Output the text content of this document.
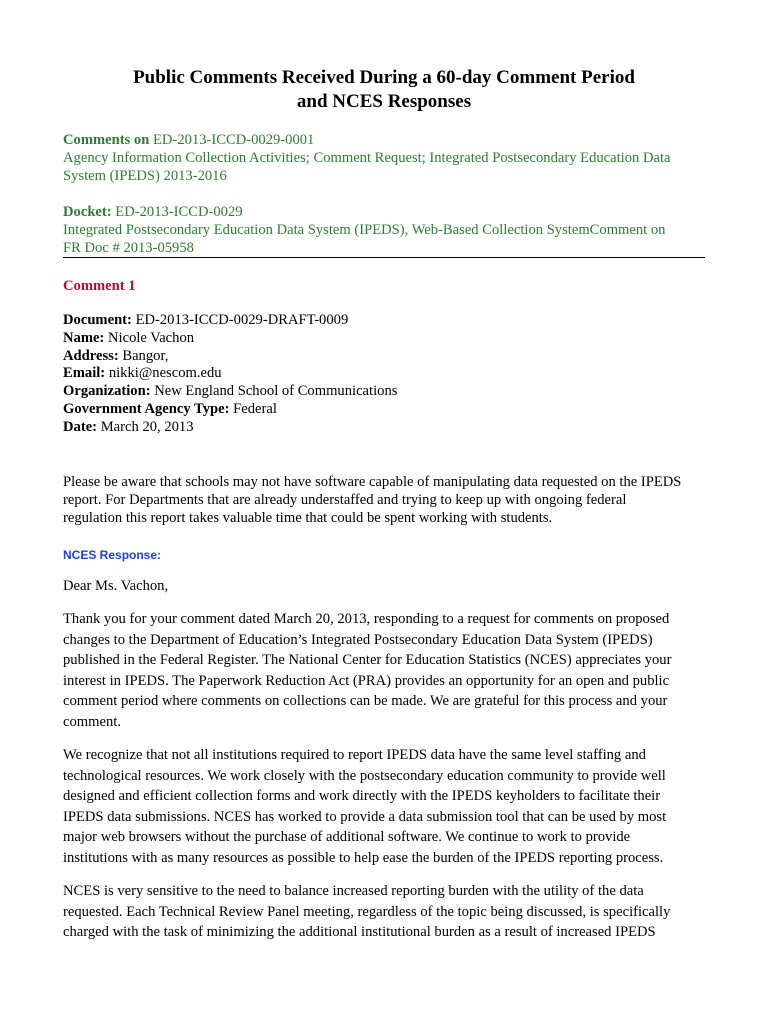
Public Comments Received During a 60-day Comment Period
and NCES Responses
Comments on ED-2013-ICCD-0029-0001
Agency Information Collection Activities; Comment Request; Integrated Postsecondary Education Data
System (IPEDS) 2013-2016
Docket: ED-2013-ICCD-0029
Integrated Postsecondary Education Data System (IPEDS), Web-Based Collection SystemComment on
FR Doc # 2013-05958
Comment 1
Document: ED-2013-ICCD-0029-DRAFT-0009
Name: Nicole Vachon
Address: Bangor,
Email: nikki@nescom.edu
Organization: New England School of Communications
Government Agency Type: Federal
Date: March 20, 2013
Please be aware that schools may not have software capable of manipulating data requested on the IPEDS
report. For Departments that are already understaffed and trying to keep up with ongoing federal
regulation this report takes valuable time that could be spent working with students.
NCES Response:
Dear Ms. Vachon,
Thank you for your comment dated March 20, 2013, responding to a request for comments on proposed
changes to the Department of Education’s Integrated Postsecondary Education Data System (IPEDS)
published in the Federal Register. The National Center for Education Statistics (NCES) appreciates your
interest in IPEDS. The Paperwork Reduction Act (PRA) provides an opportunity for an open and public
comment period where comments on collections can be made. We are grateful for this process and your
comment.
We recognize that not all institutions required to report IPEDS data have the same level staffing and
technological resources. We work closely with the postsecondary education community to provide well
designed and efficient collection forms and work directly with the IPEDS keyholders to facilitate their
IPEDS data submissions. NCES has worked to provide a data submission tool that can be used by most
major web browsers without the purchase of additional software. We continue to work to provide
institutions with as many resources as possible to help ease the burden of the IPEDS reporting process.
NCES is very sensitive to the need to balance increased reporting burden with the utility of the data
requested. Each Technical Review Panel meeting, regardless of the topic being discussed, is specifically
charged with the task of minimizing the additional institutional burden as a result of increased IPEDS
